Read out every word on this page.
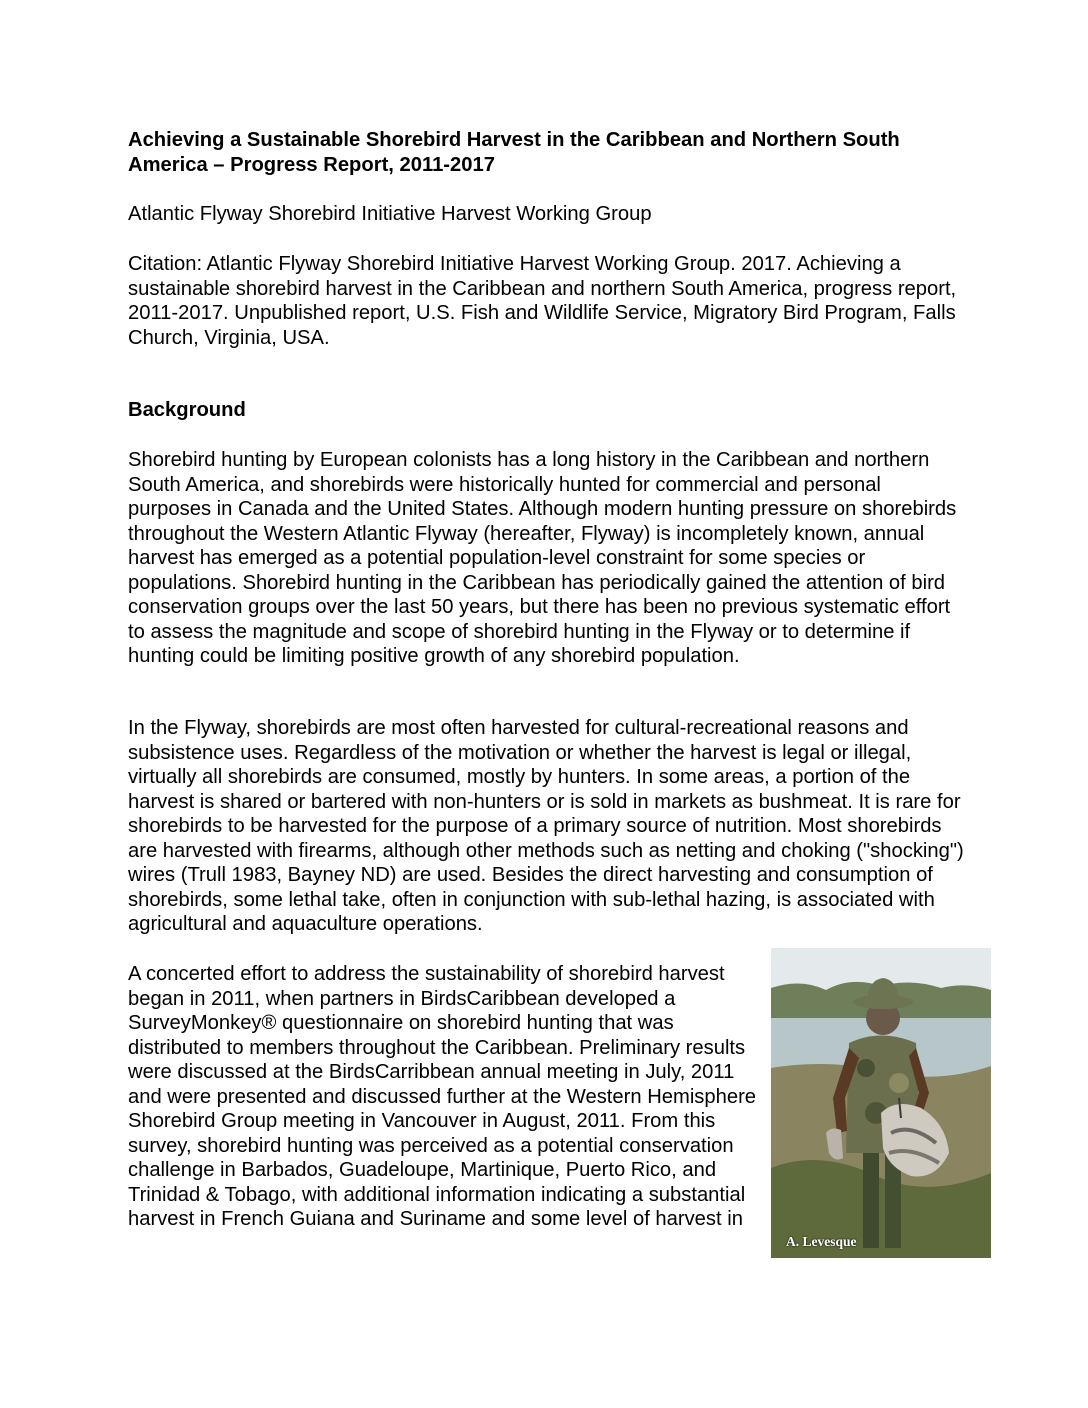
Achieving a Sustainable Shorebird Harvest in the Caribbean and Northern South
America – Progress Report, 2011-2017

Atlantic Flyway Shorebird Initiative Harvest Working Group

Citation: Atlantic Flyway Shorebird Initiative Harvest Working Group. 2017. Achieving a sustainable shorebird harvest in the Caribbean and northern South America, progress report, 2011-2017. Unpublished report, U.S. Fish and Wildlife Service, Migratory Bird Program, Falls Church, Virginia, USA.

Background

Shorebird hunting by European colonists has a long history in the Caribbean and northern South America, and shorebirds were historically hunted for commercial and personal purposes in Canada and the United States. Although modern hunting pressure on shorebirds throughout the Western Atlantic Flyway (hereafter, Flyway) is incompletely known, annual harvest has emerged as a potential population-level constraint for some species or populations. Shorebird hunting in the Caribbean has periodically gained the attention of bird conservation groups over the last 50 years, but there has been no previous systematic effort to assess the magnitude and scope of shorebird hunting in the Flyway or to determine if hunting could be limiting positive growth of any shorebird population.

In the Flyway, shorebirds are most often harvested for cultural-recreational reasons and subsistence uses. Regardless of the motivation or whether the harvest is legal or illegal, virtually all shorebirds are consumed, mostly by hunters. In some areas, a portion of the harvest is shared or bartered with non-hunters or is sold in markets as bushmeat. It is rare for shorebirds to be harvested for the purpose of a primary source of nutrition. Most shorebirds are harvested with firearms, although other methods such as netting and choking ("shocking") wires (Trull 1983, Bayney ND) are used. Besides the direct harvesting and consumption of shorebirds, some lethal take, often in conjunction with sub-lethal hazing, is associated with agricultural and aquaculture operations.

A concerted effort to address the sustainability of shorebird harvest began in 2011, when partners in BirdsCaribbean developed a SurveyMonkey® questionnaire on shorebird hunting that was distributed to members throughout the Caribbean. Preliminary results were discussed at the BirdsCarribbean annual meeting in July, 2011 and were presented and discussed further at the Western Hemisphere Shorebird Group meeting in Vancouver in August, 2011. From this survey, shorebird hunting was perceived as a potential conservation challenge in Barbados, Guadeloupe, Martinique, Puerto Rico, and Trinidad & Tobago, with additional information indicating a substantial harvest in French Guiana and Suriname and some level of harvest in

A. Levesque
